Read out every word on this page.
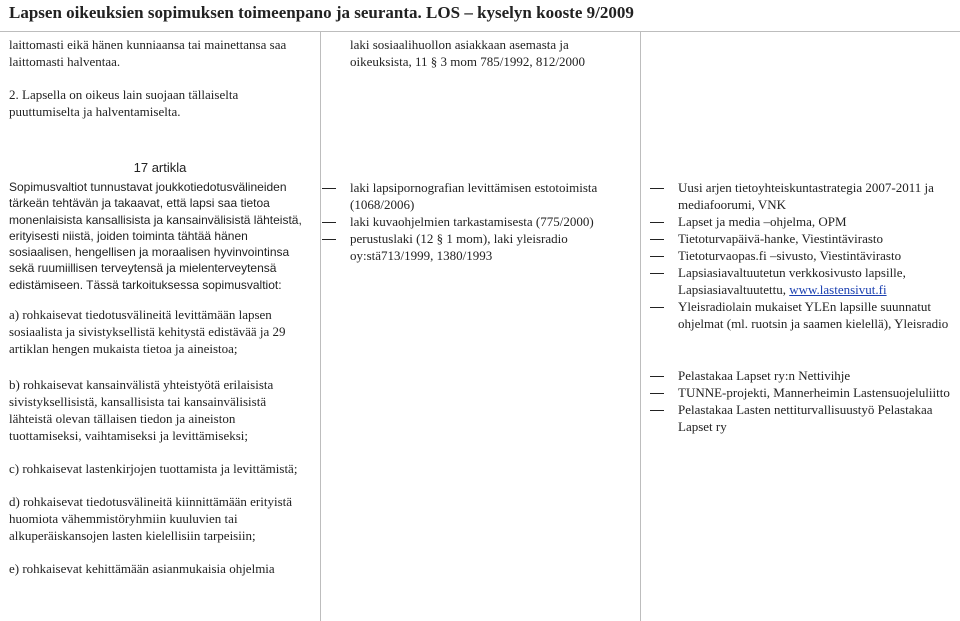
Lapsen oikeuksien sopimuksen toimeenpano ja seuranta. LOS – kyselyn kooste 9/2009
laittomasti eikä hänen kunniaansa tai mainettansa saa laittomasti halventaa.
laki sosiaalihuollon asiakkaan asemasta ja oikeuksista, 11 § 3 mom 785/1992, 812/2000
2. Lapsella on oikeus lain suojaan tällaiselta puuttumiselta ja halventamiselta.

17 artikla

Sopimusvaltiot tunnustavat joukkotiedotusvälineiden tärkeän tehtävän ja takaavat, että lapsi saa tietoa monenlaisista kansallisista ja kansainvälisistä lähteistä, erityisesti niistä, joiden toiminta tähtää hänen sosiaalisen, hengellisen ja moraalisen hyvinvointinsa sekä ruumiillisen terveytensä ja mielenterveytensä edistämiseen. Tässä tarkoituksessa sopimusvaltiot:

a) rohkaisevat tiedotusvälineitä levittämään lapsen sosiaalista ja sivistyksellistä kehitystä edistävää ja 29 artiklan hengen mukaista tietoa ja aineistoa;

b) rohkaisevat kansainvälistä yhteistyötä erilaisista sivistyksellisistä, kansallisista tai kansainvälisistä lähteistä olevan tällaisen tiedon ja aineiston tuottamiseksi, vaihtamiseksi ja levittämiseksi;

c) rohkaisevat lastenkirjojen tuottamista ja levittämistä;

d) rohkaisevat tiedotusvälineitä kiinnittämään erityistä huomiota vähemmistöryhmiin kuuluvien tai alkuperäiskansojen lasten kielellisiin tarpeisiin;

e) rohkaisevat kehittämään asianmukaisia ohjelmia

laki lapsipornografian levittämisen estotoimista (1068/2006)
laki kuvaohjelmien tarkastamisesta (775/2000)
perustuslaki (12 § 1 mom), laki yleisradio oy:stä713/1999, 1380/1993
Uusi arjen tietoyhteiskuntastrategia 2007-2011 ja mediafoorumi, VNK
Lapset ja media –ohjelma, OPM
Tietoturvapäivä-hanke, Viestintävirasto
Tietoturvaopas.fi –sivusto, Viestintävirasto
Lapsiasiavaltuutetun verkkosivusto lapsille, Lapsiasiavaltuutettu, www.lastensivut.fi
Yleisradiolain mukaiset YLEn lapsille suunnatut ohjelmat (ml. ruotsin ja saamen kielellä), Yleisradio
Pelastakaa Lapset ry:n Nettivihje
TUNNE-projekti, Mannerheimin Lastensuojeluliitto
Pelastakaa Lasten nettiturvallisuustyö Pelastakaa Lapset ry
